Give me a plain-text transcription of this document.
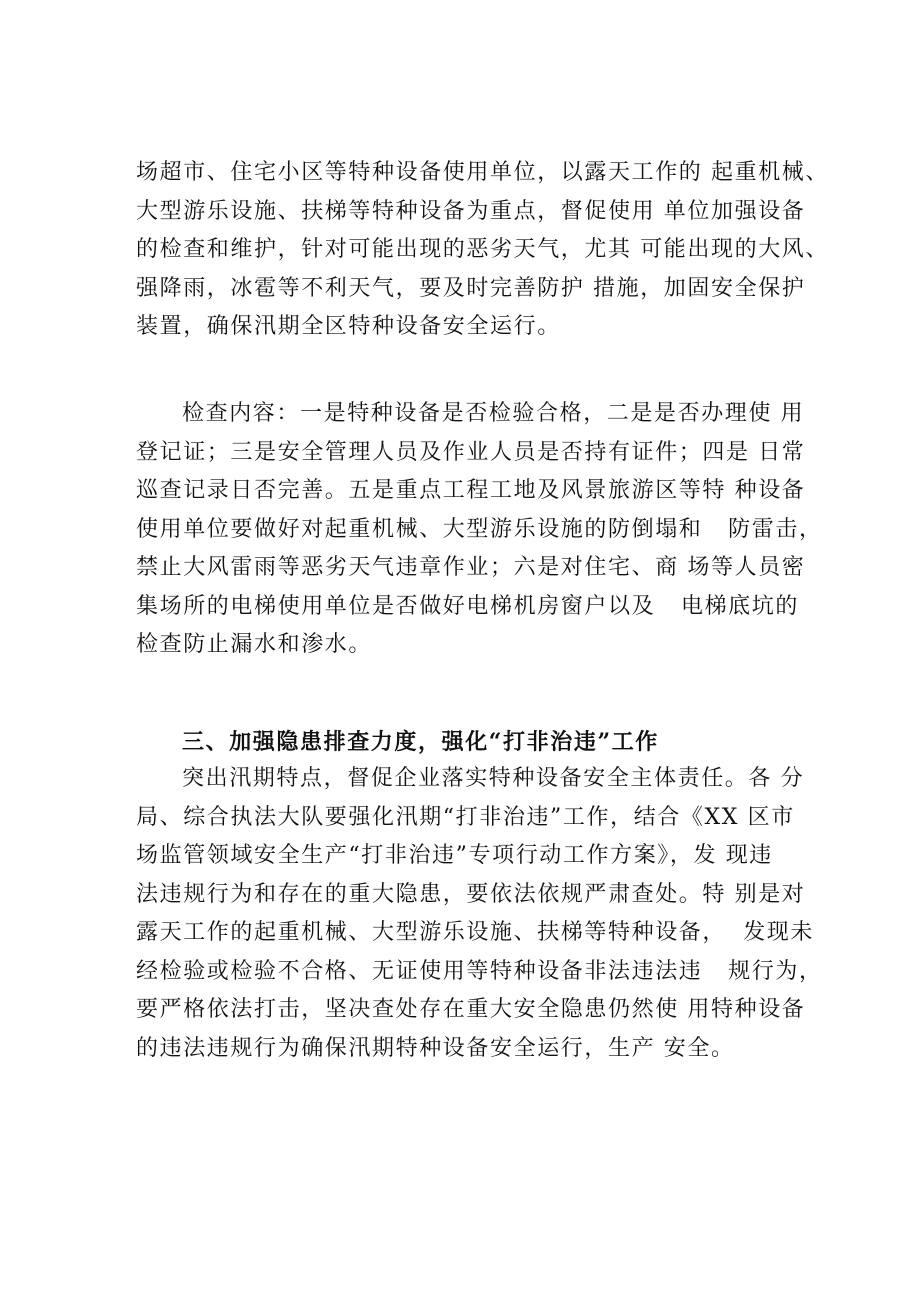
场超市、住宅小区等特种设备使用单位，以露天工作的 起重机械、
大型游乐设施、扶梯等特种设备为重点，督促使用 单位加强设备
的检查和维护，针对可能出现的恶劣天气，尤其 可能出现的大风、
强降雨，冰雹等不利天气，要及时完善防护 措施，加固安全保护
装置，确保汛期全区特种设备安全运行。
检查内容：一是特种设备是否检验合格，二是是否办理使 用
登记证；三是安全管理人员及作业人员是否持有证件；四是 日常
巡查记录日否完善。五是重点工程工地及风景旅游区等特 种设备
使用单位要做好对起重机械、大型游乐设施的防倒塌和   防雷击，
禁止大风雷雨等恶劣天气违章作业；六是对住宅、商 场等人员密
集场所的电梯使用单位是否做好电梯机房窗户以及   电梯底坑的
检查防止漏水和渗水。
三、加强隐患排查力度，强化“打非治违”工作
突出汛期特点，督促企业落实特种设备安全主体责任。各 分
局、综合执法大队要强化汛期“打非治违”工作，结合《XX 区市
场监管领域安全生产“打非治违”专项行动工作方案》，发 现违
法违规行为和存在的重大隐患，要依法依规严肃查处。特 别是对
露天工作的起重机械、大型游乐设施、扶梯等特种设备，  发现未
经检验或检验不合格、无证使用等特种设备非法违法违   规行为，
要严格依法打击，坚决查处存在重大安全隐患仍然使 用特种设备
的违法违规行为确保汛期特种设备安全运行，生产 安全。
